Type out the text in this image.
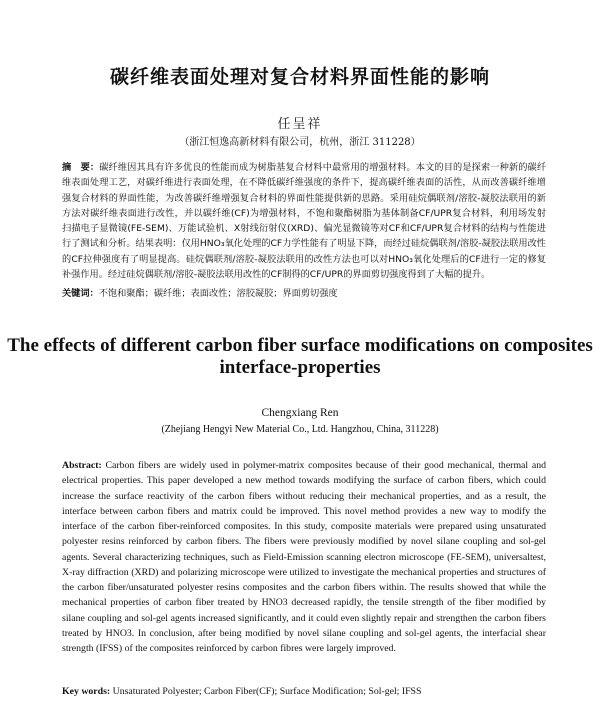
碳纤维表面处理对复合材料界面性能的影响
任呈祥
（浙江恒逸高新材料有限公司，杭州，浙江 311228）
摘　要：碳纤维因其具有许多优良的性能而成为树脂基复合材料中最常用的增强材料。本文的目的是探索一种新的碳纤维表面处理工艺，对碳纤维进行表面处理，在不降低碳纤维强度的条件下，提高碳纤维表面的活性，从而改善碳纤维增强复合材料的界面性能，为改善碳纤维增强复合材料的界面性能提供新的思路。采用硅烷偶联剂/溶胶-凝胶法联用的新方法对碳纤维表面进行改性，并以碳纤维(CF)为增强材料，不饱和聚酯树脂为基体制备CF/UPR复合材料，利用场发射扫描电子显微镜(FE-SEM)、万能试验机、X射线衍射仪(XRD)、偏光显微镜等对CF和CF/UPR复合材料的结构与性能进行了测试和分析。结果表明：仅用HNO₃氧化处理的CF力学性能有了明显下降，而经过硅烷偶联剂/溶胶-凝胶法联用改性的CF拉伸强度有了明显提高。硅烷偶联剂/溶胶-凝胶法联用的改性方法也可以对HNO₃氧化处理后的CF进行一定的修复补强作用。经过硅烷偶联剂/溶胶-凝胶法联用改性的CF制得的CF/UPR的界面剪切强度得到了大幅的提升。
关键词：不饱和聚酯；碳纤维；表面改性；溶胶凝胶；界面剪切强度
The effects of different carbon fiber surface modifications on composites interface-properties
Chengxiang Ren
(Zhejiang Hengyi New Material Co., Ltd. Hangzhou, China, 311228)
Abstract: Carbon fibers are widely used in polymer-matrix composites because of their good mechanical, thermal and electrical properties. This paper developed a new method towards modifying the surface of carbon fibers, which could increase the surface reactivity of the carbon fibers without reducing their mechanical properties, and as a result, the interface between carbon fibers and matrix could be improved. This novel method provides a new way to modify the interface of the carbon fiber-reinforced composites. In this study, composite materials were prepared using unsaturated polyester resins reinforced by carbon fibers. The fibers were previously modified by novel silane coupling and sol-gel agents. Several characterizing techniques, such as Field-Emission scanning electron microscope (FE-SEM), universaltest, X-ray diffraction (XRD) and polarizing microscope were utilized to investigate the mechanical properties and structures of the carbon fiber/unsaturated polyester resins composites and the carbon fibers within. The results showed that while the mechanical properties of carbon fiber treated by HNO3 decreased rapidly, the tensile strength of the fiber modified by silane coupling and sol-gel agents increased significantly, and it could even slightly repair and strengthen the carbon fibers treated by HNO3. In conclusion, after being modified by novel silane coupling and sol-gel agents, the interfacial shear strength (IFSS) of the composites reinforced by carbon fibres were largely improved.
Key words: Unsaturated Polyester; Carbon Fiber(CF); Surface Modification; Sol-gel; IFSS
